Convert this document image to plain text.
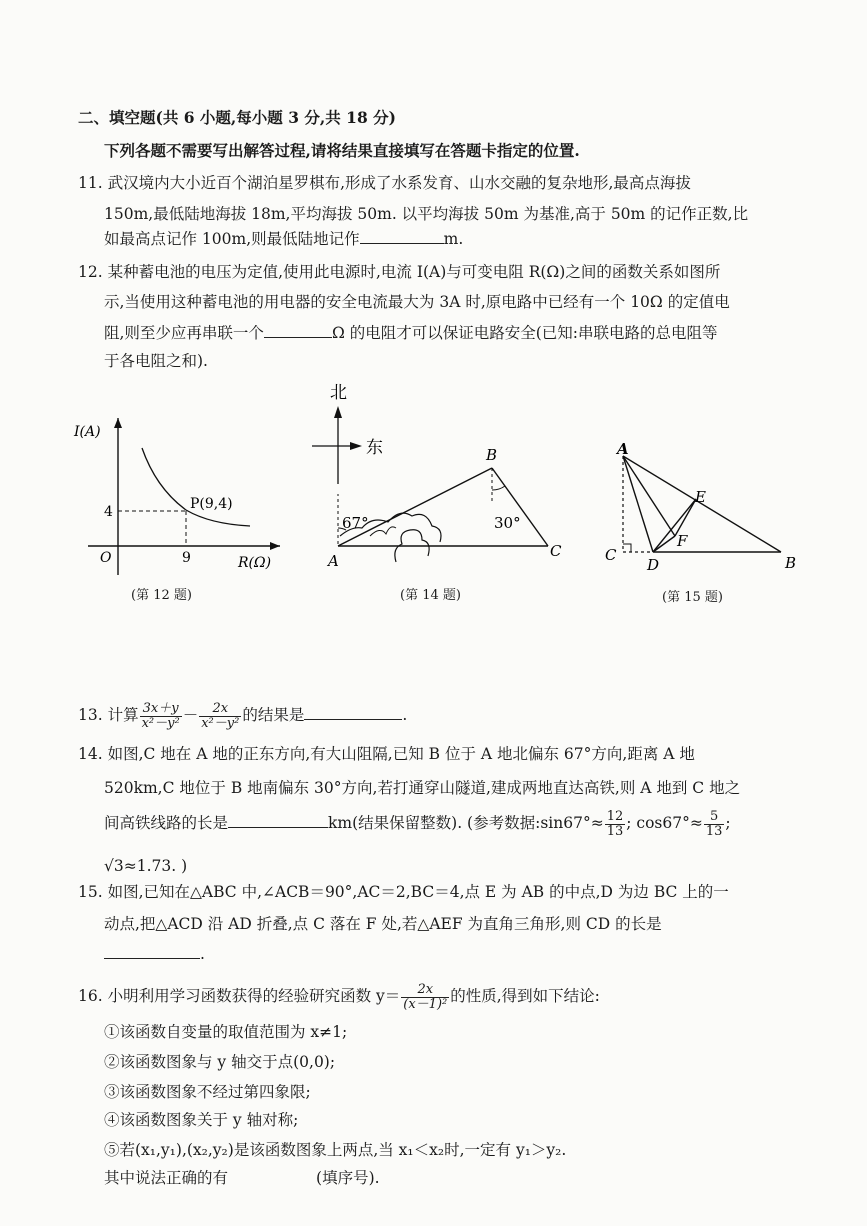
二、填空题(共 6 小题,每小题 3 分,共 18 分)
下列各题不需要写出解答过程,请将结果直接填写在答题卡指定的位置.
11. 武汉境内大小近百个湖泊星罗棋布,形成了水系发育、山水交融的复杂地形,最高点海拔
150m,最低陆地海拔 18m,平均海拔 50m. 以平均海拔 50m 为基准,高于 50m 的记作正数,比
如最高点记作 100m,则最低陆地记作	m.
12. 某种蓄电池的电压为定值,使用此电源时,电流 I(A)与可变电阻 R(Ω)之间的函数关系如图所
示,当使用这种蓄电池的用电器的安全电流最大为 3A 时,原电路中已经有一个 10Ω 的定值电
阻,则至少应再串联一个	Ω 的电阻才可以保证电路安全(已知:串联电路的总电阻等
于各电阻之和).
I(A)
R(Ω)
O
P(9,4)
9
4
(第 12 题)
北
东
67°	30°
A
B
C
(第 14 题)
A
B
C
D
E
F
(第 15 题)
13. 计算 $\frac{3x+y}{\text{x²－y²}} - \frac{2x}{\text{x²－y²}}$ 的结果是	.
14. 如图,C 地在 A 地的正东方向,有大山阻隔,已知 B 位于 A 地北偏东 67°方向,距离 A 地
520km,C 地位于 B 地南偏东 30°方向,若打通穿山隧道,建成两地直达高铁,则 A 地到 C 地之
间高铁线路的长是	km(结果保留整数). (参考数据:sin67°≈ $\frac{12}{13}$ ; $\cos 67^\circ\approx \frac{5}{13}$ ;
√3≈1.73. )
15. 如图,已知在△ABC 中,∠ACB＝90°,AC＝2,BC＝4,点 E 为 AB 的中点,D 为边 BC 上的一
动点,把△ACD 沿 AD 折叠,点 C 落在 F 处,若△AEF 为直角三角形,则 CD 的长是
.
16. 小明利用学习函数获得的经验研究函数 $y= \frac{2x}{\text{(x－1)²}}$ 的性质,得到如下结论:
①该函数自变量的取值范围为 x≠1;
②该函数图象与 y 轴交于点(0,0);
③该函数图象不经过第四象限;
④该函数图象关于 y 轴对称;
⑤若(x₁,y₁),(x₂,y₂)是该函数图象上两点,当 x₁＜x₂时,一定有 y₁＞y₂.
其中说法正确的有	(填序号).
